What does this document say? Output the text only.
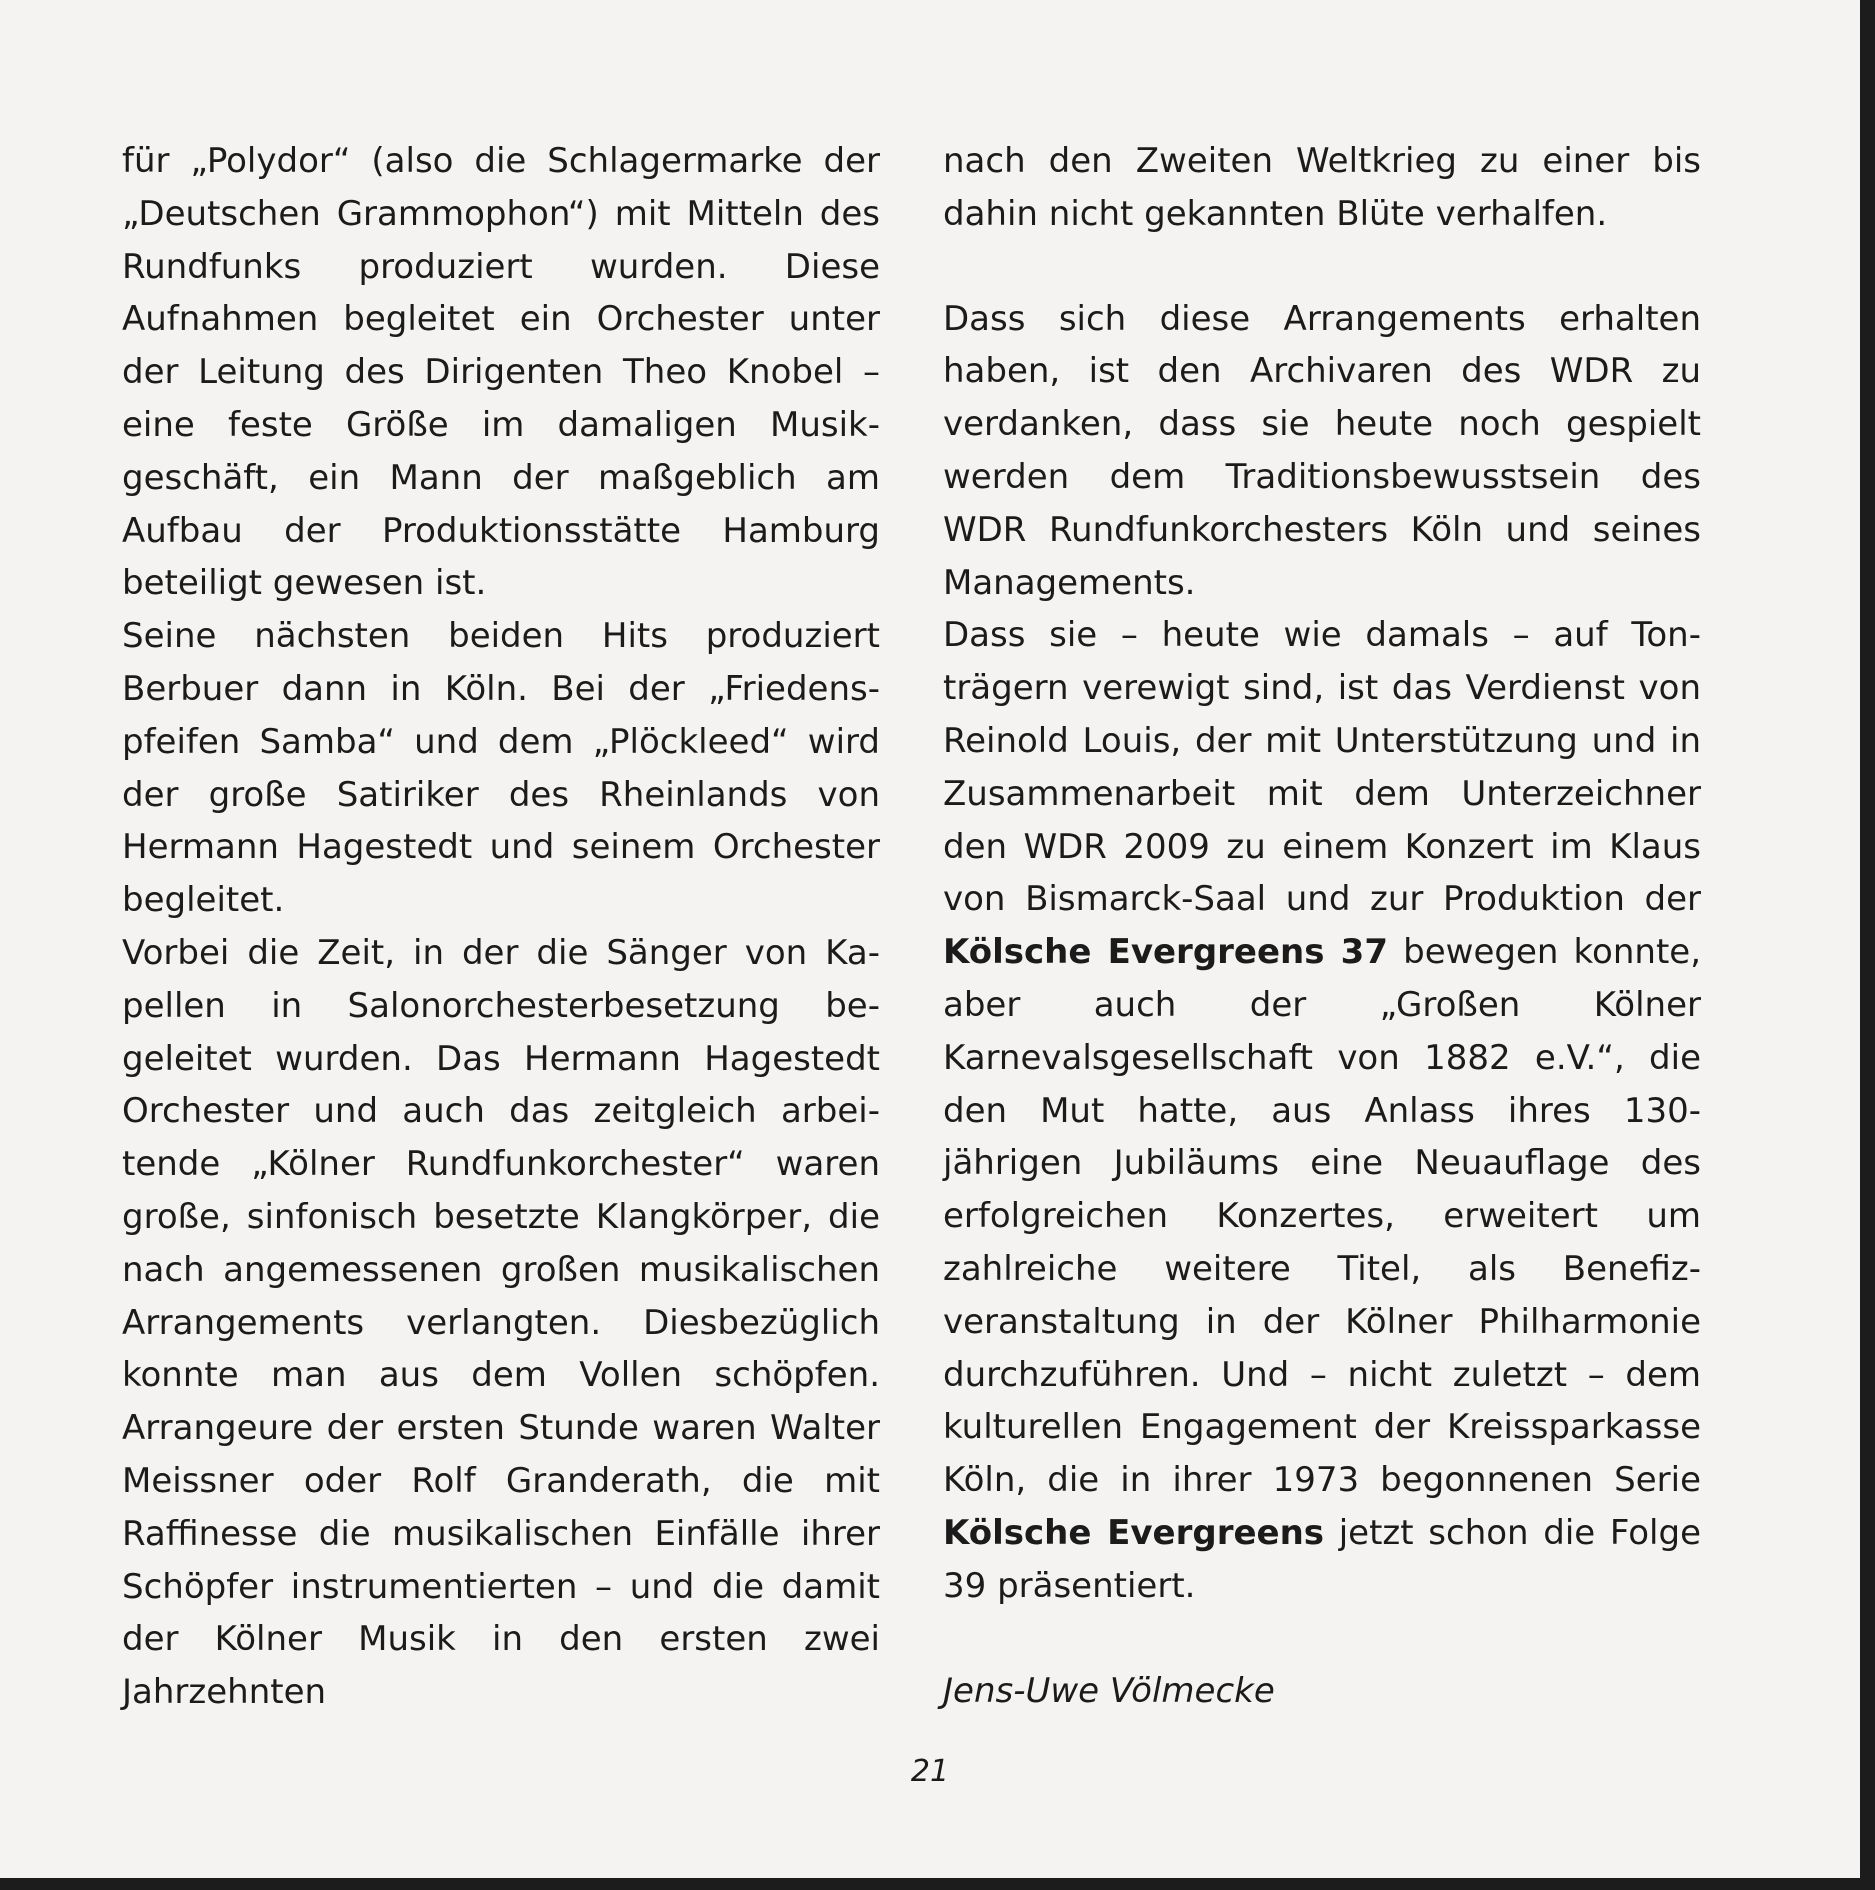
für „Polydor“ (also die Schlagermarke der „Deutschen Grammophon“) mit Mitteln des Rundfunks produziert wurden. Diese Aufnahmen begleitet ein Orchester unter der Leitung des Dirigenten Theo Knobel – eine feste Größe im damaligen Musikgeschäft, ein Mann der maßgeblich am Aufbau der Produktionsstätte Hamburg beteiligt gewesen ist.

Seine nächsten beiden Hits produziert Berbuer dann in Köln. Bei der „Friedenspfeifen Samba“ und dem „Plöckleed“ wird der große Satiriker des Rheinlands von Hermann Hagestedt und seinem Orchester begleitet.

Vorbei die Zeit, in der die Sänger von Kapellen in Salonorchesterbesetzung begeleitet wurden. Das Hermann Hagestedt Orchester und auch das zeitgleich arbeitende „Kölner Rundfunkorchester“ waren große, sinfonisch besetzte Klangkörper, die nach angemessenen großen musikalischen Arrangements verlangten. Diesbezüglich konnte man aus dem Vollen schöpfen. Arrangeure der ersten Stunde waren Walter Meissner oder Rolf Granderath, die mit Raffinesse die musikalischen Einfälle ihrer Schöpfer instrumentierten – und die damit der Kölner Musik in den ersten zwei Jahrzehnten

nach den Zweiten Weltkrieg zu einer bis dahin nicht gekannten Blüte verhalfen.

Dass sich diese Arrangements erhalten haben, ist den Archivaren des WDR zu verdanken, dass sie heute noch gespielt werden dem Traditionsbewusstsein des WDR Rundfunkorchesters Köln und seines Managements.

Dass sie – heute wie damals – auf Tonträgern verewigt sind, ist das Verdienst von Reinold Louis, der mit Unterstützung und in Zusammenarbeit mit dem Unterzeichner den WDR 2009 zu einem Konzert im Klaus von Bismarck-Saal und zur Produktion der Kölsche Evergreens 37 bewegen konnte, aber auch der „Großen Kölner Karnevalsgesellschaft von 1882 e.V.“, die den Mut hatte, aus Anlass ihres 130-jährigen Jubiläums eine Neuauflage des erfolgreichen Konzertes, erweitert um zahlreiche weitere Titel, als Benefizveranstaltung in der Kölner Philharmonie durchzuführen. Und – nicht zuletzt – dem kulturellen Engagement der Kreissparkasse Köln, die in ihrer 1973 begonnenen Serie Kölsche Evergreens jetzt schon die Folge 39 präsentiert.

Jens-Uwe Völmecke

21
